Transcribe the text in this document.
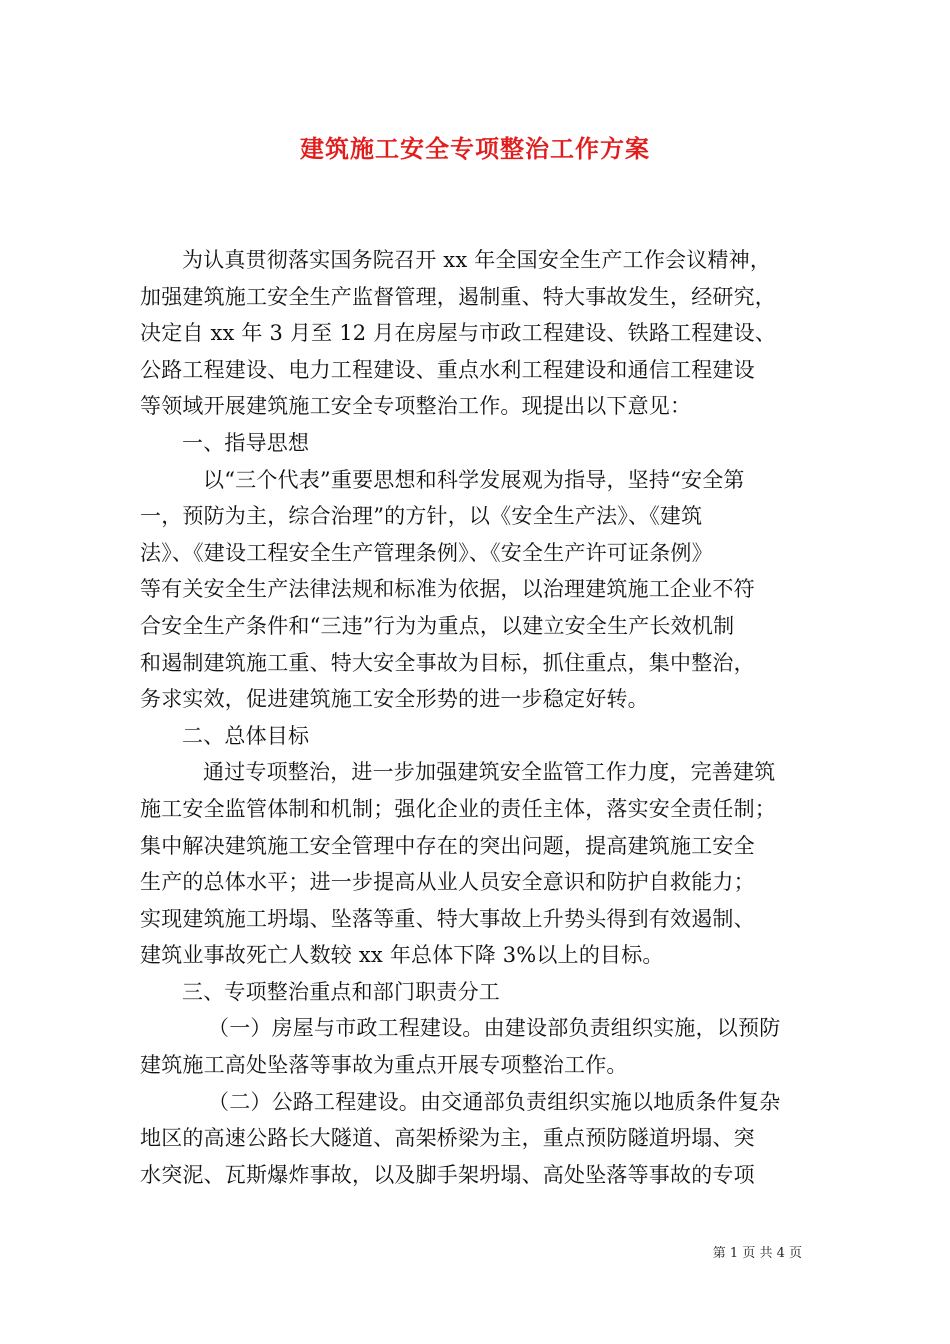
建筑施工安全专项整治工作方案
为认真贯彻落实国务院召开 xx 年全国安全生产工作会议精神，
加强建筑施工安全生产监督管理，遏制重、特大事故发生，经研究，
决定自 xx 年 3 月至 12 月在房屋与市政工程建设、铁路工程建设、
公路工程建设、电力工程建设、重点水利工程建设和通信工程建设
等领域开展建筑施工安全专项整治工作。现提出以下意见：
一、指导思想
以“三个代表”重要思想和科学发展观为指导，坚持“安全第
一，预防为主，综合治理”的方针，以《安全生产法》、《建筑
法》、《建设工程安全生产管理条例》、《安全生产许可证条例》
等有关安全生产法律法规和标准为依据，以治理建筑施工企业不符
合安全生产条件和“三违”行为为重点，以建立安全生产长效机制
和遏制建筑施工重、特大安全事故为目标，抓住重点，集中整治，
务求实效，促进建筑施工安全形势的进一步稳定好转。
二、总体目标
通过专项整治，进一步加强建筑安全监管工作力度，完善建筑
施工安全监管体制和机制；强化企业的责任主体，落实安全责任制；
集中解决建筑施工安全管理中存在的突出问题，提高建筑施工安全
生产的总体水平；进一步提高从业人员安全意识和防护自救能力；
实现建筑施工坍塌、坠落等重、特大事故上升势头得到有效遏制、
建筑业事故死亡人数较 xx 年总体下降 3%以上的目标。
三、专项整治重点和部门职责分工
（一）房屋与市政工程建设。由建设部负责组织实施，以预防
建筑施工高处坠落等事故为重点开展专项整治工作。
（二）公路工程建设。由交通部负责组织实施以地质条件复杂
地区的高速公路长大隧道、高架桥梁为主，重点预防隧道坍塌、突
水突泥、瓦斯爆炸事故，以及脚手架坍塌、高处坠落等事故的专项
第 1 页 共 4 页
